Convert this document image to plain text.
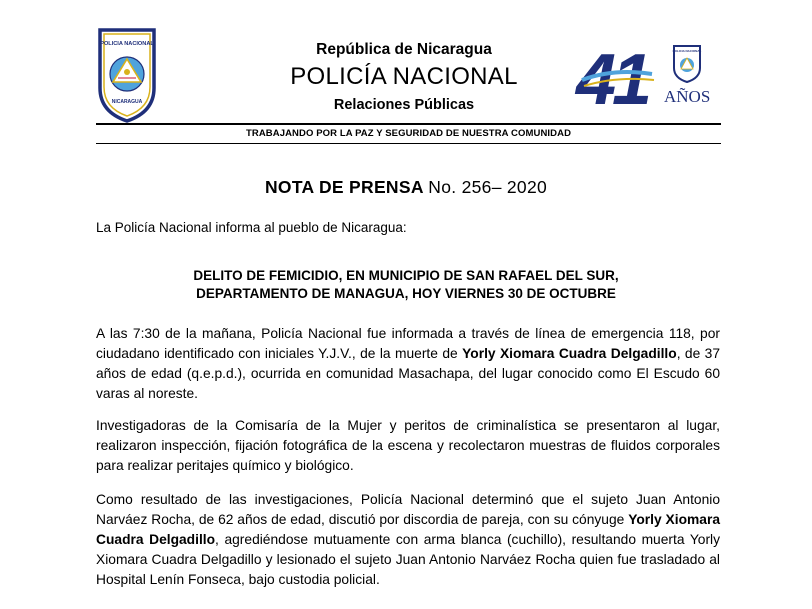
POLICIA NACIONAL
NICARAGUA
República de Nicaragua
POLICÍA NACIONAL
Relaciones Públicas	41	POLICIA NACIONAL
AÑOS
TRABAJANDO POR LA PAZ Y SEGURIDAD DE NUESTRA COMUNIDAD
NOTA DE PRENSA No. 256– 2020
La Policía Nacional informa al pueblo de Nicaragua:
DELITO DE FEMICIDIO, EN MUNICIPIO DE SAN RAFAEL DEL SUR,
DEPARTAMENTO DE MANAGUA, HOY VIERNES 30 DE OCTUBRE
A las 7:30 de la mañana, Policía Nacional fue informada a través de línea de emergencia 118, por ciudadano identificado con iniciales Y.J.V., de la muerte de Yorly Xiomara Cuadra Delgadillo, de 37 años de edad (q.e.p.d.), ocurrida en comunidad Masachapa, del lugar conocido como El Escudo 60 varas al noreste.
Investigadoras de la Comisaría de la Mujer y peritos de criminalística se presentaron al lugar, realizaron inspección, fijación fotográfica de la escena y recolectaron muestras de fluidos corporales para realizar peritajes químico y biológico.
Como resultado de las investigaciones, Policía Nacional determinó que el sujeto Juan Antonio Narváez Rocha, de 62 años de edad, discutió por discordia de pareja, con su cónyuge Yorly Xiomara Cuadra Delgadillo, agrediéndose mutuamente con arma blanca (cuchillo), resultando muerta Yorly Xiomara Cuadra Delgadillo y lesionado el sujeto Juan Antonio Narváez Rocha quien fue trasladado al Hospital Lenín Fonseca, bajo custodia policial.
